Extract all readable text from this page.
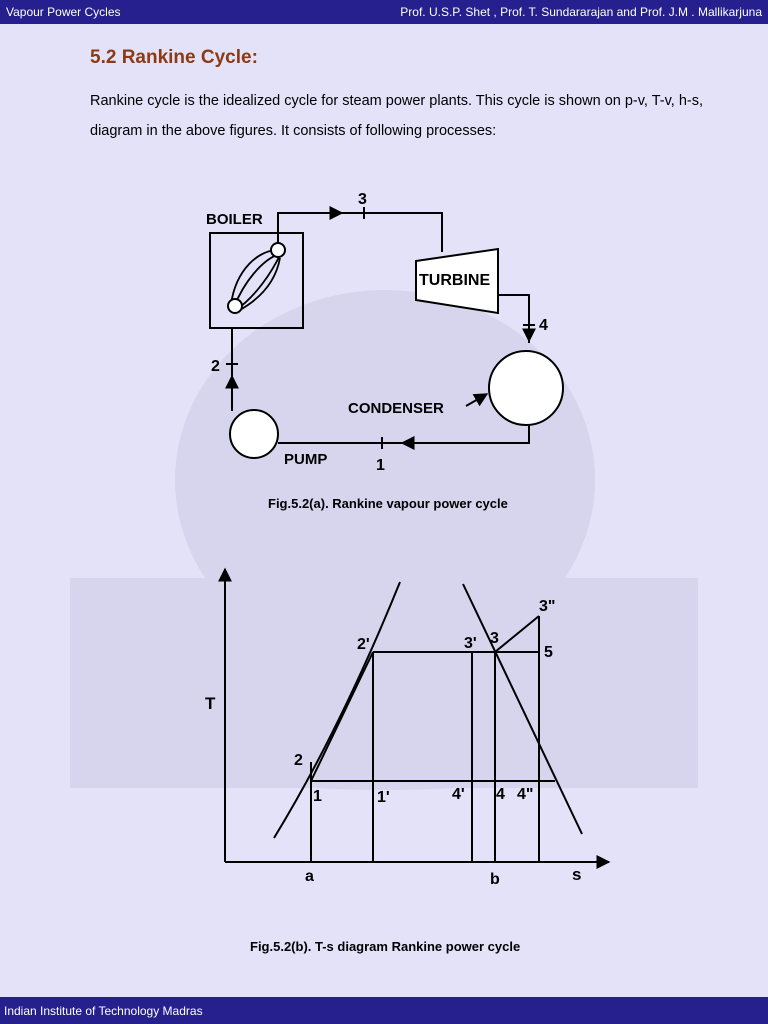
Vapour Power Cycles	Prof. U.S.P. Shet , Prof. T. Sundararajan and Prof. J.M . Mallikarjuna
5.2 Rankine Cycle:

Rankine cycle is the idealized cycle for steam power plants. This cycle is shown on p-v, T-v, h-s, diagram in the above figures. It consists of following processes:

BOILER
TURBINE
CONDENSER
PUMP
3
4
2
1
T
s
a	b
2
2'	3' 3
3"
5
1	1'	4' 4 4"

Fig.5.2(a). Rankine vapour power cycle

Fig.5.2(b). T-s diagram Rankine power cycle

Indian Institute of Technology Madras
